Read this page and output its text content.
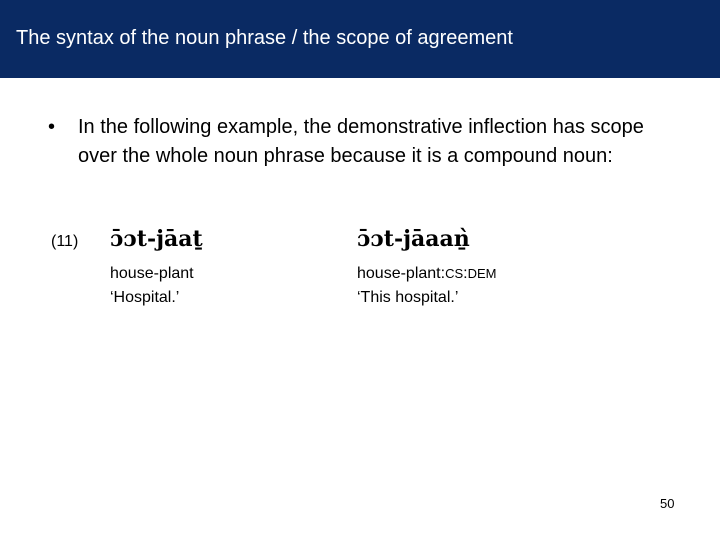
The syntax of the noun phrase / the scope of agreement
• In the following example, the demonstrative inflection has scope over the whole noun phrase because it is a compound noun:
(11) ɔ̄ɔt-jāaṯ
house-plant
‘Hospital.’
ɔ̄ɔt-jāaaṉ̀
house-plant:CS:DEM
‘This hospital.’
50
